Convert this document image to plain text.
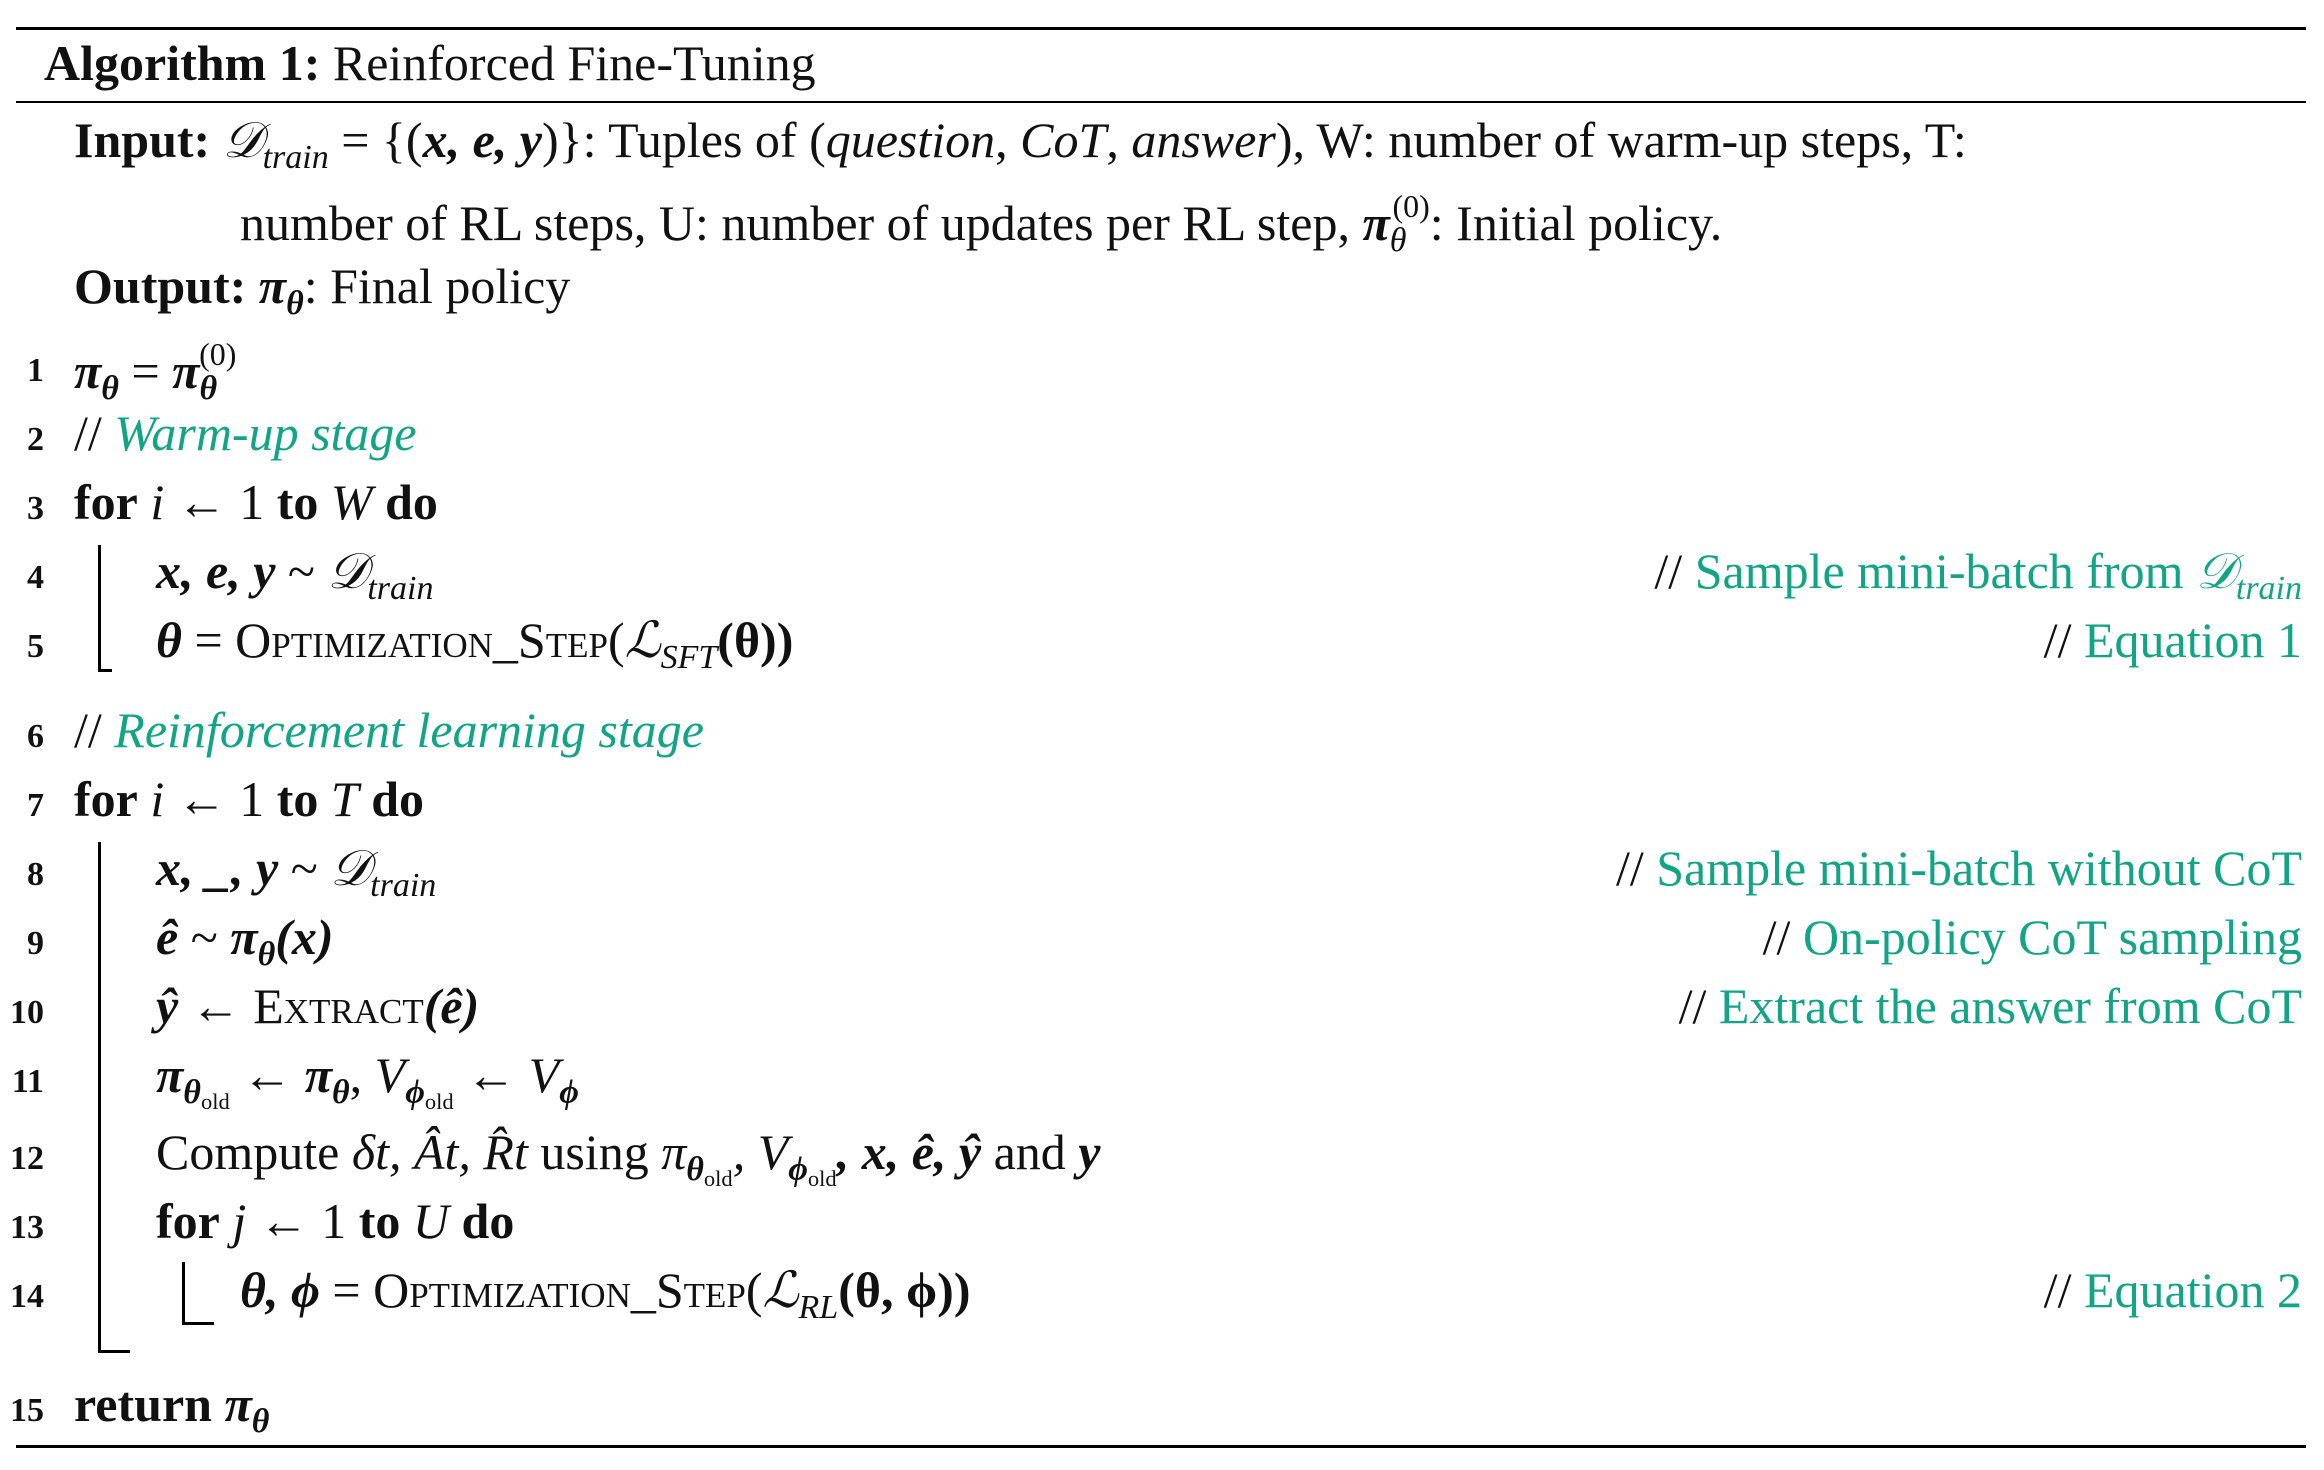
Algorithm 1: Reinforced Fine-Tuning
Input: 𝒟$_{train}$ = {(x, e, y)}: Tuples of (question, CoT, answer), W: number of warm-up steps, T:
number of RL steps, U: number of updates per RL step, $\pi_\theta^{(0)}$: Initial policy.
Output: $\pi_\theta$: Final policy
1
2
3
4
5
6
7
8
9
10
11
12
13
14
15
$\pi_\theta = \pi_\theta^{(0)}$
// Warm-up stage
for i ← 1 to W do
x, e, y ~ 𝒟$_{train}$	// Sample mini-batch from 𝒟$_{train}$
θ = Optimization_Step(ℒ$_{SFT}$(θ))	// Equation 1
// Reinforcement learning stage
for i ← 1 to T do
x, _, y ~ 𝒟$_{train}$	// Sample mini-batch without CoT
ê ~ $\pi_\theta(x)$	// On-policy CoT sampling
ŷ ← Extract(ê)	// Extract the answer from CoT
$\pi_{\theta old}$ ← $\pi_\theta$, $V_{\phi old}$ ← $V_\phi$
Compute δt, Ât, R̂t using $\pi_{\theta old}$, $V_{\phi old}$, x, ê, ŷ and y
for j ← 1 to U do
θ, ϕ = Optimization_Step(ℒ$_{RL}$(θ, ϕ))	// Equation 2
return $\pi_\theta$
